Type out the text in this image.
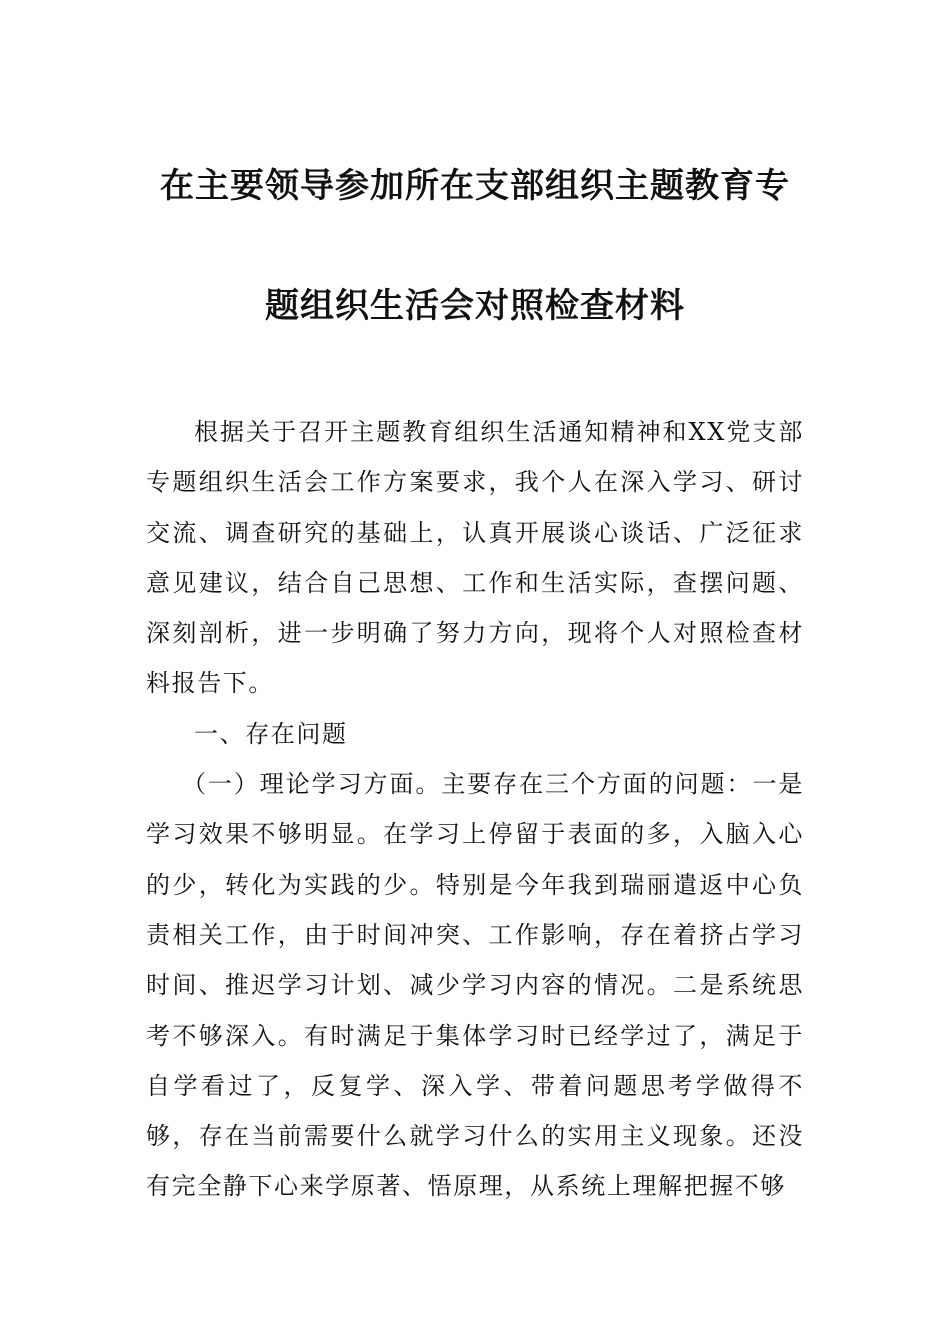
在主要领导参加所在支部组织主题教育专
题组织生活会对照检查材料

根据关于召开主题教育组织生活通知精神和XX党支部专题组织生活会工作方案要求，我个人在深入学习、研讨交流、调查研究的基础上，认真开展谈心谈话、广泛征求意见建议，结合自己思想、工作和生活实际，查摆问题、深刻剖析，进一步明确了努力方向，现将个人对照检查材料报告下。

一、存在问题

（一）理论学习方面。主要存在三个方面的问题：一是学习效果不够明显。在学习上停留于表面的多，入脑入心的少，转化为实践的少。特别是今年我到瑞丽遣返中心负责相关工作，由于时间冲突、工作影响，存在着挤占学习时间、推迟学习计划、减少学习内容的情况。二是系统思考不够深入。有时满足于集体学习时已经学过了，满足于自学看过了，反复学、深入学、带着问题思考学做得不够，存在当前需要什么就学习什么的实用主义现象。还没有完全静下心来学原著、悟原理，从系统上理解把握不够
